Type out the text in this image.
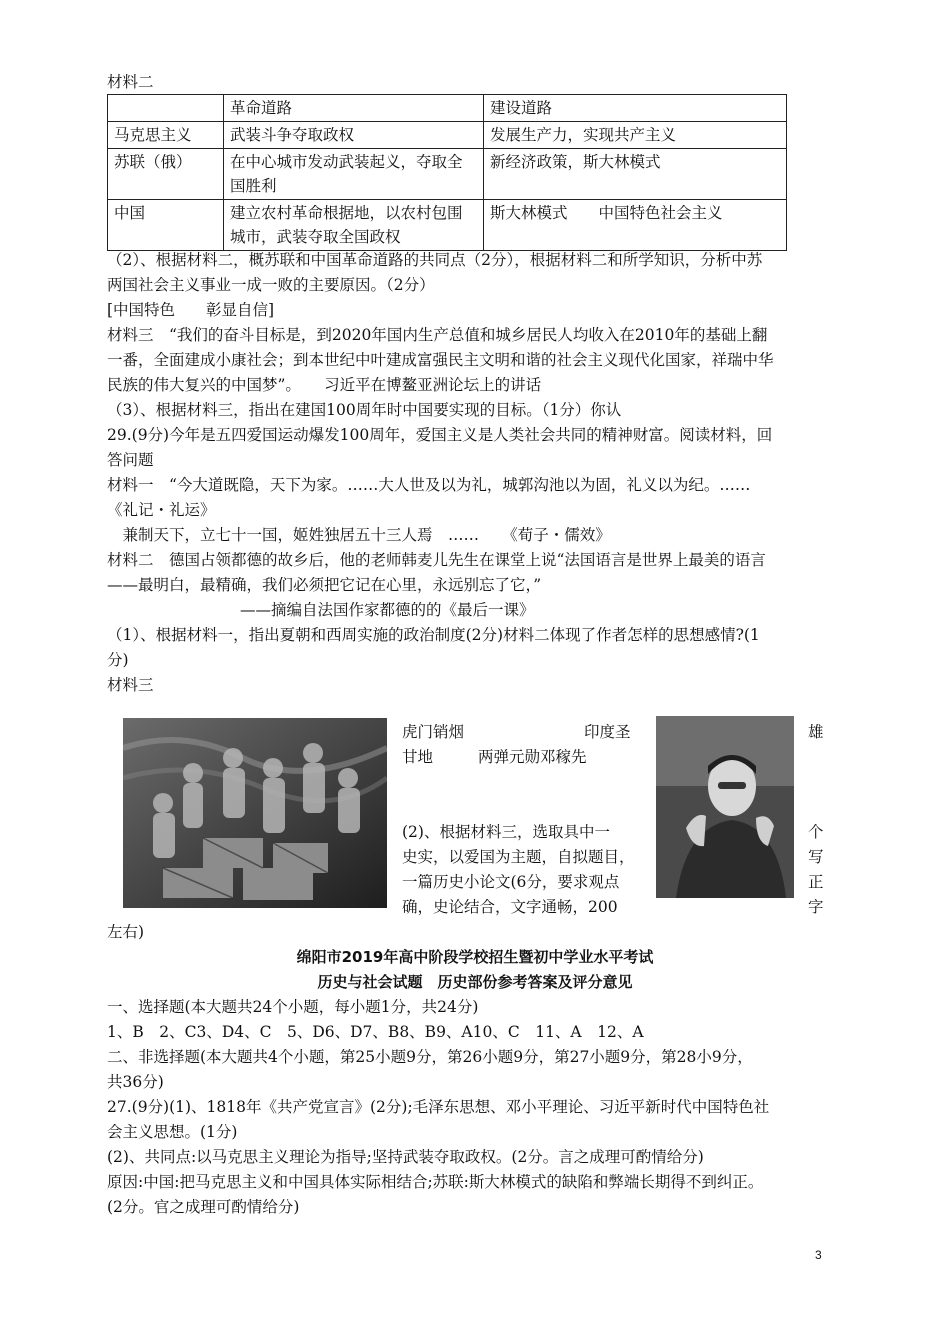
材料二
	革命道路	建设道路
马克思主义	武装斗争夺取政权	发展生产力，实现共产主义
苏联（俄）	在中心城市发动武装起义，夺取全国胜利	新经济政策，斯大林模式
中国	建立农村革命根据地，以农村包围城市，武装夺取全国政权	斯大林模式　　中国特色社会主义
（2）、根据材料二，概苏联和中国革命道路的共同点（2分），根据材料二和所学知识，分析中苏
两国社会主义事业一成一败的主要原因。（2分）
[中国特色　　彰显自信]
材料三　“我们的奋斗目标是，到2020年国内生产总值和城乡居民人均收入在2010年的基础上翻
一番，全面建成小康社会；到本世纪中叶建成富强民主文明和谐的社会主义现代化国家，祥瑞中华
民族的伟大复兴的中国梦”。　　习近平在博鳌亚洲论坛上的讲话
（3）、根据材料三，指出在建国100周年时中国要实现的目标。（1分）你认
29.(9分)今年是五四爱国运动爆发100周年，爱国主义是人类社会共同的精神财富。阅读材料，回
答问题
材料一　“今大道既隐，天下为家。……大人世及以为礼，城郭沟池以为固，礼义以为纪。……
《礼记・礼运》
　兼制天下，立七十一国，姬姓独居五十三人焉　……　　《荀子・儒效》
材料二　德国占领都德的故乡后，他的老师韩麦儿先生在课堂上说“法国语言是世界上最美的语言
——最明白，最精确，我们必须把它记在心里，永远别忘了它，”
——摘编自法国作家都德的的《最后一课》
（1）、根据材料一，指出夏朝和西周实施的政治制度(2分)材料二体现了作者怎样的思想感情?(1
分)
材料三
虎门销烟	印度圣	雄
甘地	两弹元勋邓稼先
(2)、根据材料三，选取具中一	个
史实，以爱国为主题，自拟题目，	写
一篇历史小论文(6分，要求观点	正
确，史论结合，文字通畅，200	字
左右)
绵阳市2019年高中阶段学校招生暨初中学业水平考试
历史与社会试题　历史部份参考答案及评分意见
一、选择题(本大题共24个小题，每小题1分，共24分)
1、B　2、C3、D4、C　5、D6、D7、B8、B9、A10、C　11、A　12、A
二、非选择题(本大题共4个小题，第25小题9分，第26小题9分，第27小题9分，第28小9分，
共36分)
27.(9分)(1)、1818年《共产党宣言》(2分);毛泽东思想、邓小平理论、习近平新时代中国特色社
会主义思想。(1分)
(2)、共同点:以马克思主义理论为指导;坚持武装夺取政权。(2分。言之成理可酌情给分)
原因:中国:把马克思主义和中国具体实际相结合;苏联:斯大林模式的缺陷和弊端长期得不到纠正。
(2分。官之成理可酌情给分)
3
